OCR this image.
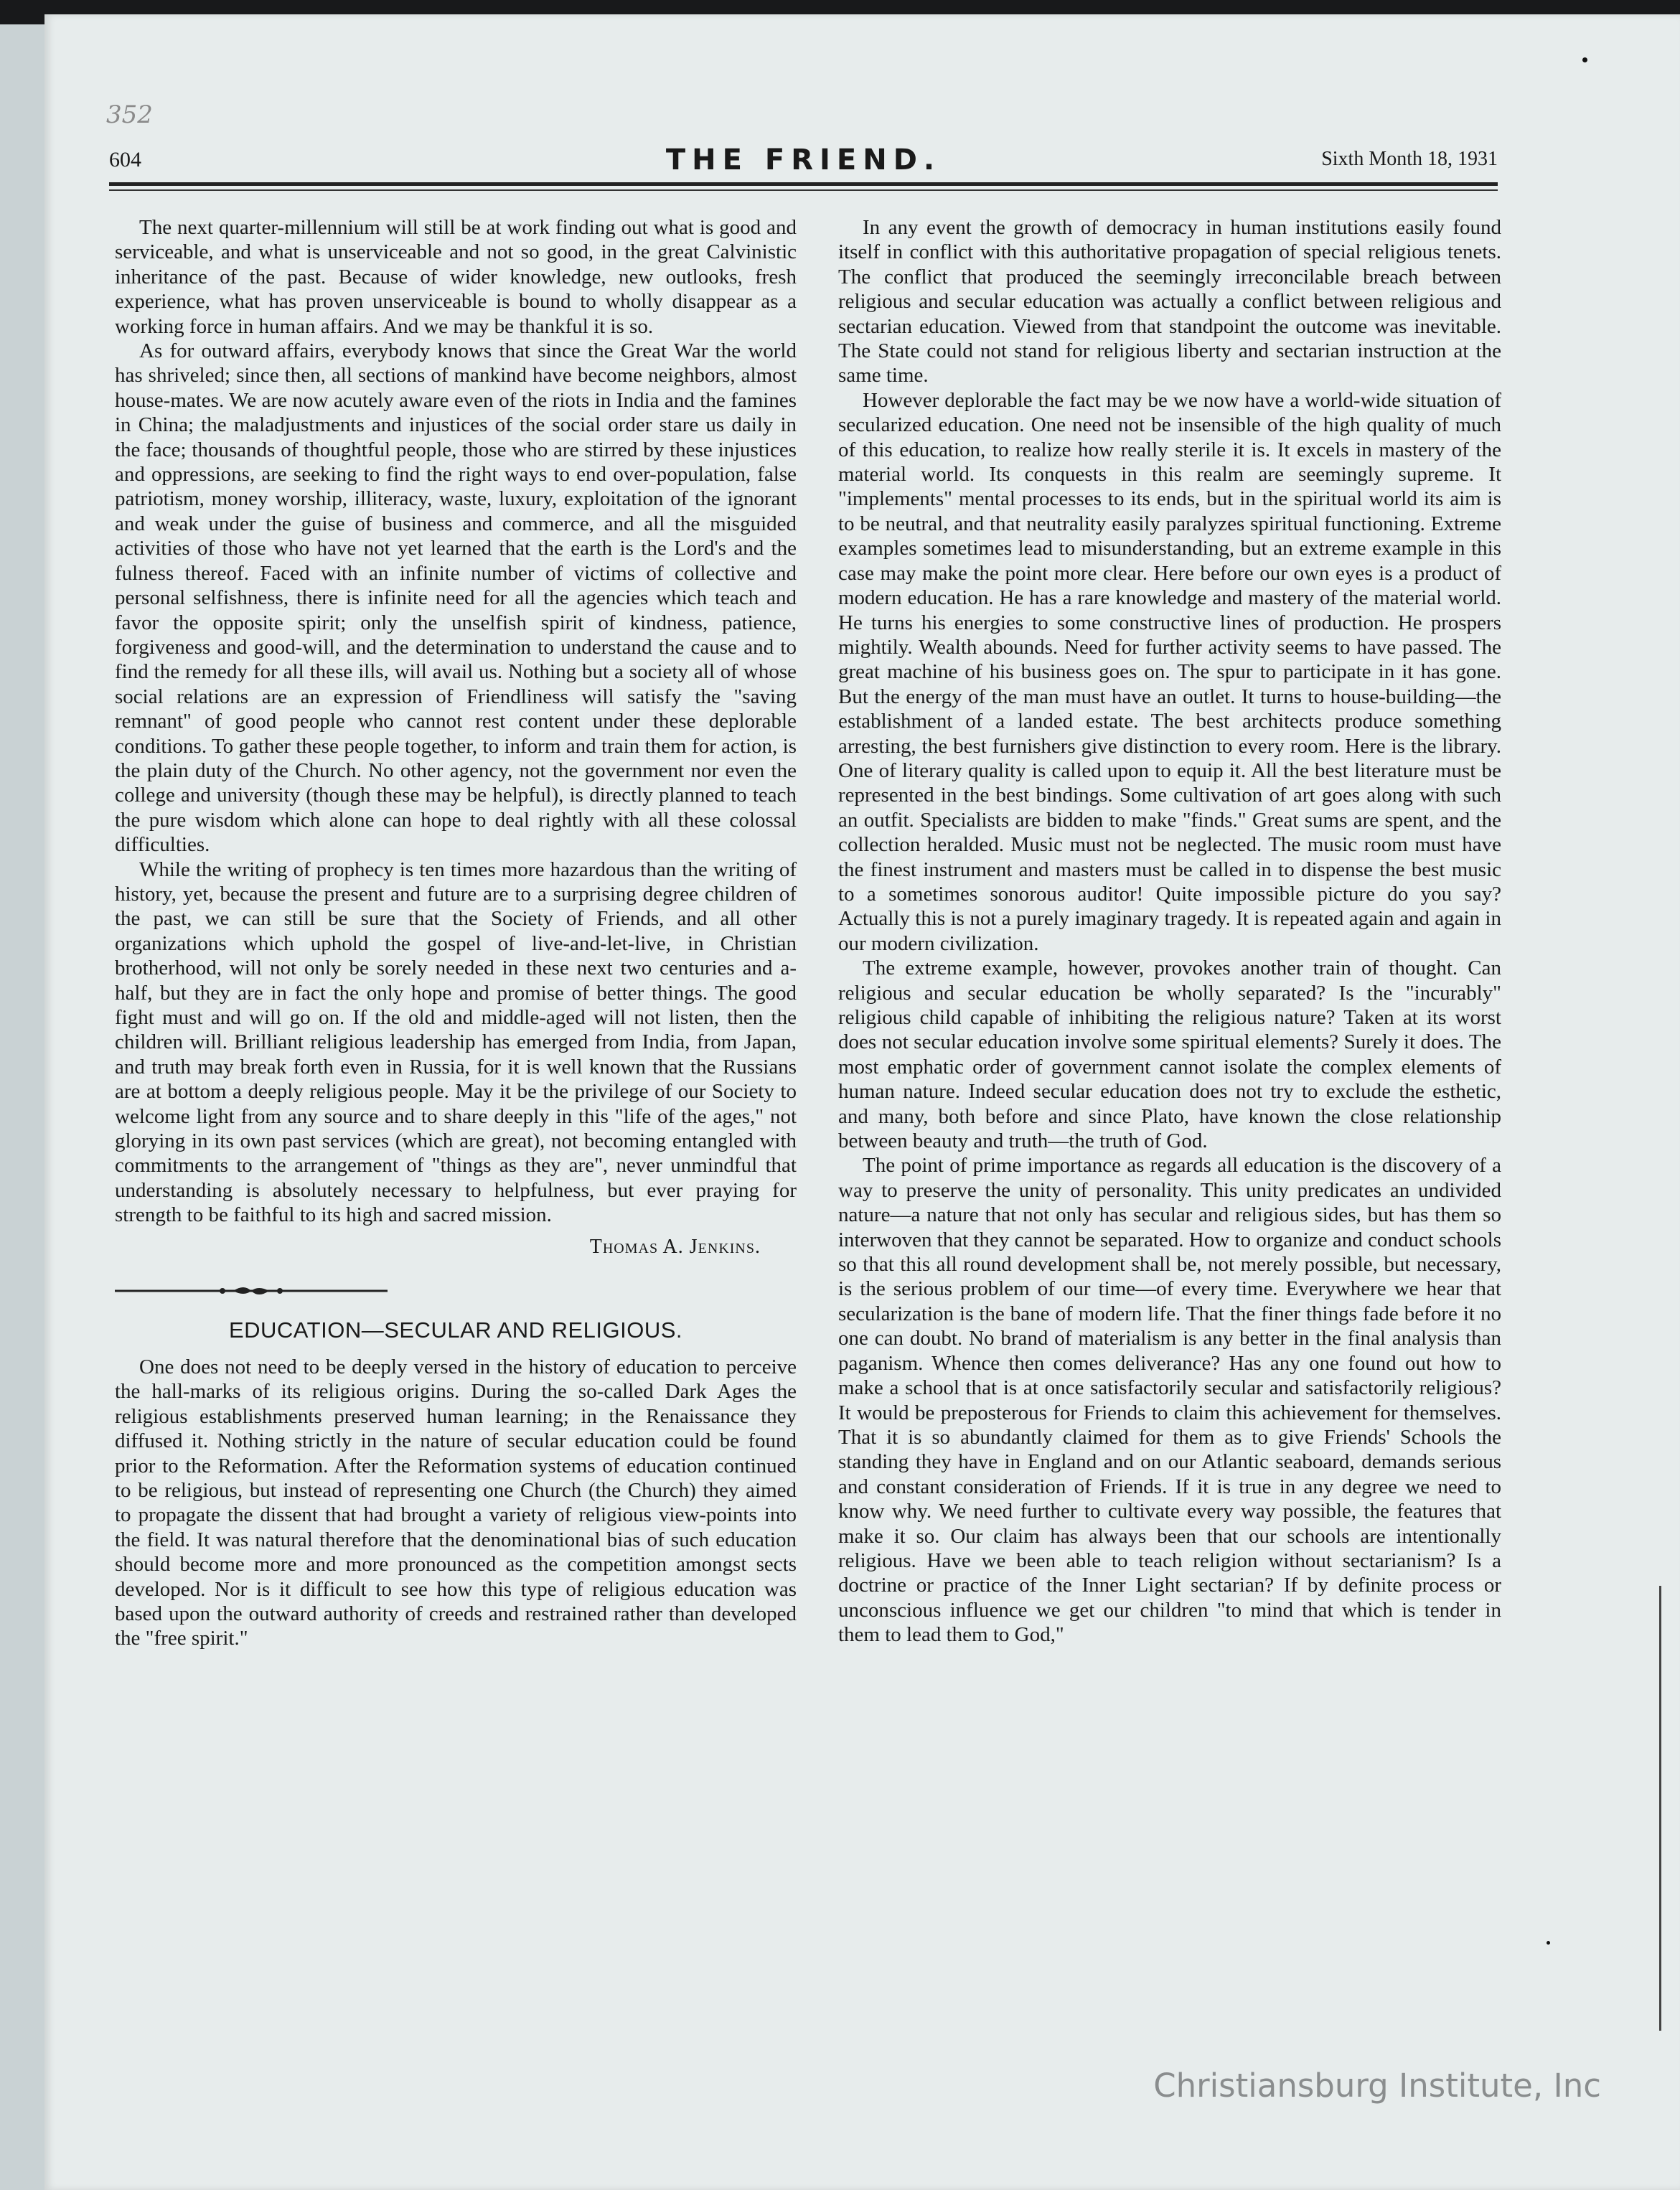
352
604	THE FRIEND.	Sixth Month 18, 1931

The next quarter-millennium will still be at work finding out what is good and serviceable, and what is unserviceable and not so good, in the great Calvinistic inheritance of the past. Because of wider knowledge, new outlooks, fresh experience, what has proven unserviceable is bound to wholly disappear as a working force in human affairs. And we may be thankful it is so.

As for outward affairs, everybody knows that since the Great War the world has shriveled; since then, all sections of mankind have become neighbors, almost house-mates. We are now acutely aware even of the riots in India and the famines in China; the maladjustments and injustices of the social order stare us daily in the face; thousands of thoughtful people, those who are stirred by these injustices and oppressions, are seeking to find the right ways to end over-population, false patriotism, money worship, illiteracy, waste, luxury, exploitation of the ignorant and weak under the guise of business and commerce, and all the misguided activities of those who have not yet learned that the earth is the Lord's and the fulness thereof. Faced with an infinite number of victims of collective and personal selfishness, there is infinite need for all the agencies which teach and favor the opposite spirit; only the unselfish spirit of kindness, patience, forgiveness and good-will, and the determination to understand the cause and to find the remedy for all these ills, will avail us. Nothing but a society all of whose social relations are an expression of Friendliness will satisfy the "saving remnant" of good people who cannot rest content under these deplorable conditions. To gather these people together, to inform and train them for action, is the plain duty of the Church. No other agency, not the government nor even the college and university (though these may be helpful), is directly planned to teach the pure wisdom which alone can hope to deal rightly with all these colossal difficulties.

While the writing of prophecy is ten times more hazardous than the writing of history, yet, because the present and future are to a surprising degree children of the past, we can still be sure that the Society of Friends, and all other organizations which uphold the gospel of live-and-let-live, in Christian brotherhood, will not only be sorely needed in these next two centuries and a-half, but they are in fact the only hope and promise of better things. The good fight must and will go on. If the old and middle-aged will not listen, then the children will. Brilliant religious leadership has emerged from India, from Japan, and truth may break forth even in Russia, for it is well known that the Russians are at bottom a deeply religious people. May it be the privilege of our Society to welcome light from any source and to share deeply in this "life of the ages," not glorying in its own past services (which are great), not becoming entangled with commitments to the arrangement of "things as they are", never unmindful that understanding is absolutely necessary to helpfulness, but ever praying for strength to be faithful to its high and sacred mission.

Thomas A. Jenkins.
EDUCATION—SECULAR AND RELIGIOUS.

One does not need to be deeply versed in the history of education to perceive the hall-marks of its religious origins. During the so-called Dark Ages the religious establishments preserved human learning; in the Renaissance they diffused it. Nothing strictly in the nature of secular education could be found prior to the Reformation. After the Reformation systems of education continued to be religious, but instead of representing one Church (the Church) they aimed to propagate the dissent that had brought a variety of religious view-points into the field. It was natural therefore that the denominational bias of such education should become more and more pronounced as the competition amongst sects developed. Nor is it difficult to see how this type of religious education was based upon the outward authority of creeds and restrained rather than developed the "free spirit."

In any event the growth of democracy in human institutions easily found itself in conflict with this authoritative propagation of special religious tenets. The conflict that produced the seemingly irreconcilable breach between religious and secular education was actually a conflict between religious and sectarian education. Viewed from that standpoint the outcome was inevitable. The State could not stand for religious liberty and sectarian instruction at the same time.

However deplorable the fact may be we now have a world-wide situation of secularized education. One need not be insensible of the high quality of much of this education, to realize how really sterile it is. It excels in mastery of the material world. Its conquests in this realm are seemingly supreme. It "implements" mental processes to its ends, but in the spiritual world its aim is to be neutral, and that neutrality easily paralyzes spiritual functioning. Extreme examples sometimes lead to misunderstanding, but an extreme example in this case may make the point more clear. Here before our own eyes is a product of modern education. He has a rare knowledge and mastery of the material world. He turns his energies to some constructive lines of production. He prospers mightily. Wealth abounds. Need for further activity seems to have passed. The great machine of his business goes on. The spur to participate in it has gone. But the energy of the man must have an outlet. It turns to house-building—the establishment of a landed estate. The best architects produce something arresting, the best furnishers give distinction to every room. Here is the library. One of literary quality is called upon to equip it. All the best literature must be represented in the best bindings. Some cultivation of art goes along with such an outfit. Specialists are bidden to make "finds." Great sums are spent, and the collection heralded. Music must not be neglected. The music room must have the finest instrument and masters must be called in to dispense the best music to a sometimes sonorous auditor! Quite impossible picture do you say? Actually this is not a purely imaginary tragedy. It is repeated again and again in our modern civilization.

The extreme example, however, provokes another train of thought. Can religious and secular education be wholly separated? Is the "incurably" religious child capable of inhibiting the religious nature? Taken at its worst does not secular education involve some spiritual elements? Surely it does. The most emphatic order of government cannot isolate the complex elements of human nature. Indeed secular education does not try to exclude the esthetic, and many, both before and since Plato, have known the close relationship between beauty and truth—the truth of God.

The point of prime importance as regards all education is the discovery of a way to preserve the unity of personality. This unity predicates an undivided nature—a nature that not only has secular and religious sides, but has them so interwoven that they cannot be separated. How to organize and conduct schools so that this all round development shall be, not merely possible, but necessary, is the serious problem of our time—of every time. Everywhere we hear that secularization is the bane of modern life. That the finer things fade before it no one can doubt. No brand of materialism is any better in the final analysis than paganism. Whence then comes deliverance? Has any one found out how to make a school that is at once satisfactorily secular and satisfactorily religious? It would be preposterous for Friends to claim this achievement for themselves. That it is so abundantly claimed for them as to give Friends' Schools the standing they have in England and on our Atlantic seaboard, demands serious and constant consideration of Friends. If it is true in any degree we need to know why. We need further to cultivate every way possible, the features that make it so. Our claim has always been that our schools are intentionally religious. Have we been able to teach religion without sectarianism? Is a doctrine or practice of the Inner Light sectarian? If by definite process or unconscious influence we get our children "to mind that which is tender in them to lead them to God,"

Christiansburg Institute, Inc
